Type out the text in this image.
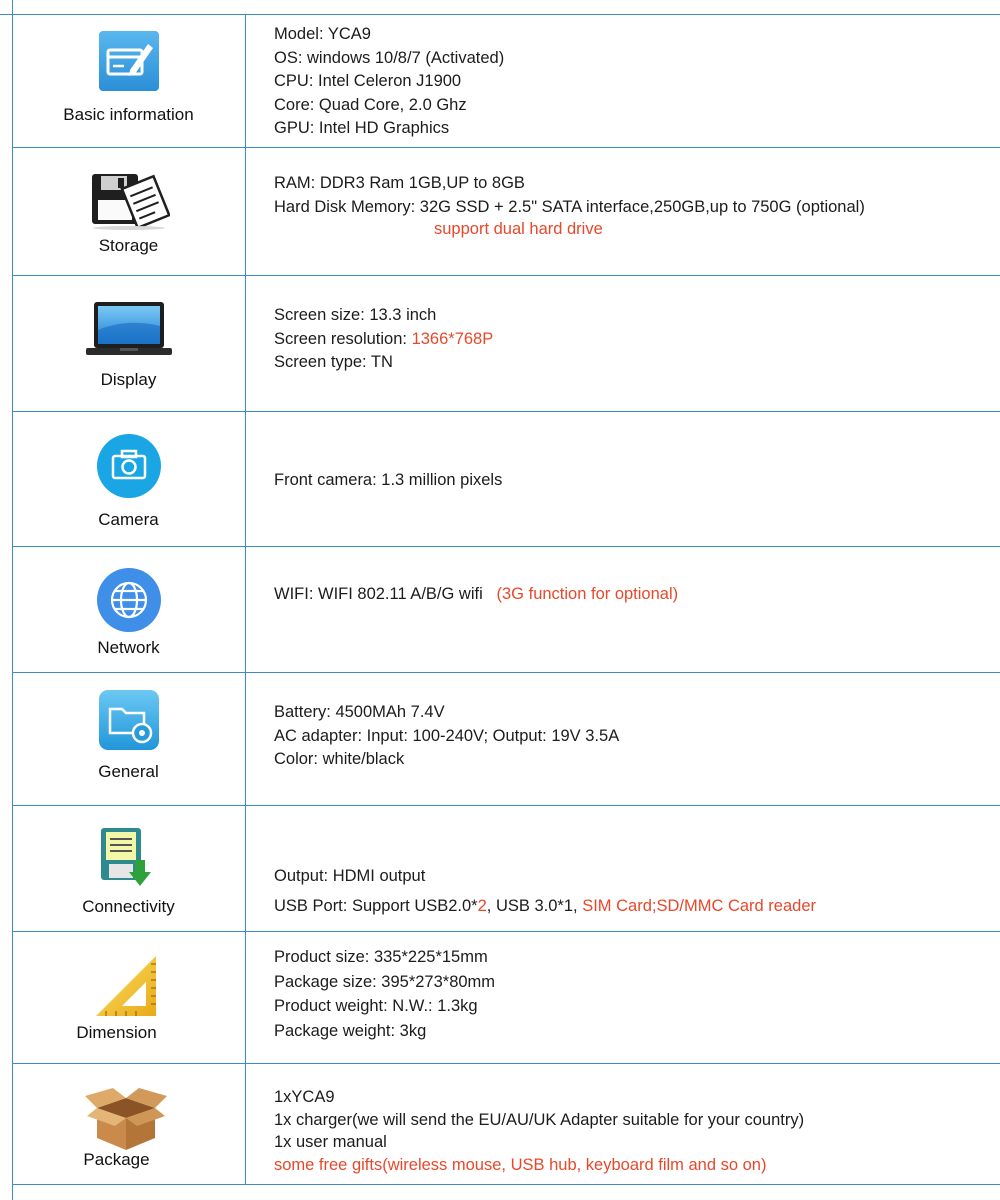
Basic information
Model: YCA9
OS: windows 10/8/7 (Activated)
CPU: Intel Celeron J1900
Core: Quad Core, 2.0 Ghz
GPU: Intel HD Graphics
Storage
RAM: DDR3 Ram 1GB,UP to 8GB
Hard Disk Memory: 32G SSD + 2.5" SATA interface,250GB,up to 750G (optional)
support dual hard drive
Display
Screen size: 13.3 inch
Screen resolution: 1366*768P
Screen type: TN
Camera
Front camera: 1.3 million pixels
Network
WIFI: WIFI 802.11 A/B/G wifi (3G function for optional)
General
Battery: 4500MAh 7.4V
AC adapter: Input: 100-240V; Output: 19V 3.5A
Color: white/black
Connectivity
Output: HDMI output
USB Port: Support USB2.0*2, USB 3.0*1, SIM Card;SD/MMC Card reader
Dimension
Product size: 335*225*15mm
Package size: 395*273*80mm
Product weight: N.W.: 1.3kg
Package weight: 3kg
Package
1xYCA9
1x charger(we will send the EU/AU/UK Adapter suitable for your country)
1x user manual
some free gifts(wireless mouse, USB hub, keyboard film and so on)
